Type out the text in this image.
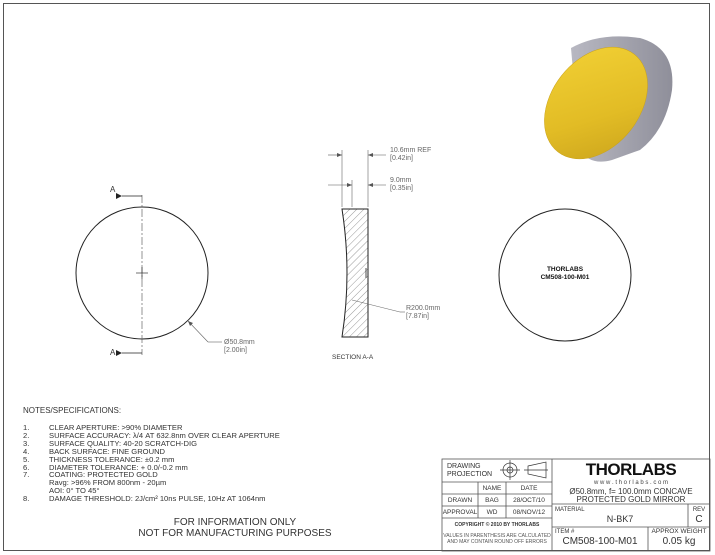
A
A
Ø50.8mm
[2.00in]
10.6mm REF
[0.42in]
9.0mm
[0.35in]
R200.0mm
[7.87in]
SECTION A-A
THORLABS
CM508-100-M01
NOTES/SPECIFICATIONS:
1.	CLEAR APERTURE: >90% DIAMETER
2.	SURFACE ACCURACY: λ/4 AT 632.8nm OVER CLEAR APERTURE
3.	SURFACE QUALITY: 40-20 SCRATCH-DIG
4.	BACK SURFACE: FINE GROUND
5.	THICKNESS TOLERANCE: ±0.2 mm
6.	DIAMETER TOLERANCE: + 0.0/-0.2 mm
7.	COATING: PROTECTED GOLD
Ravg: >96% FROM 800nm - 20µm
AOI: 0° TO 45°
8.	DAMAGE THRESHOLD: 2J/cm² 10ns PULSE, 10Hz AT 1064nm
FOR INFORMATION ONLY
NOT FOR MANUFACTURING PURPOSES
DRAWING
PROJECTION
NAME	DATE
DRAWN	BAG	28/OCT/10
APPROVAL	WD	08/NOV/12
COPYRIGHT © 2010 BY THORLABS
VALUES IN PARENTHESIS ARE CALCULATED
AND MAY CONTAIN ROUND OFF ERRORS
THORLABS
w w w . t h o r l a b s . c o m
Ø50.8mm, f= 100.0mm CONCAVE
PROTECTED GOLD MIRROR
MATERIAL
N-BK7
REV
C
ITEM #
CM508-100-M01
APPROX WEIGHT
0.05 kg
